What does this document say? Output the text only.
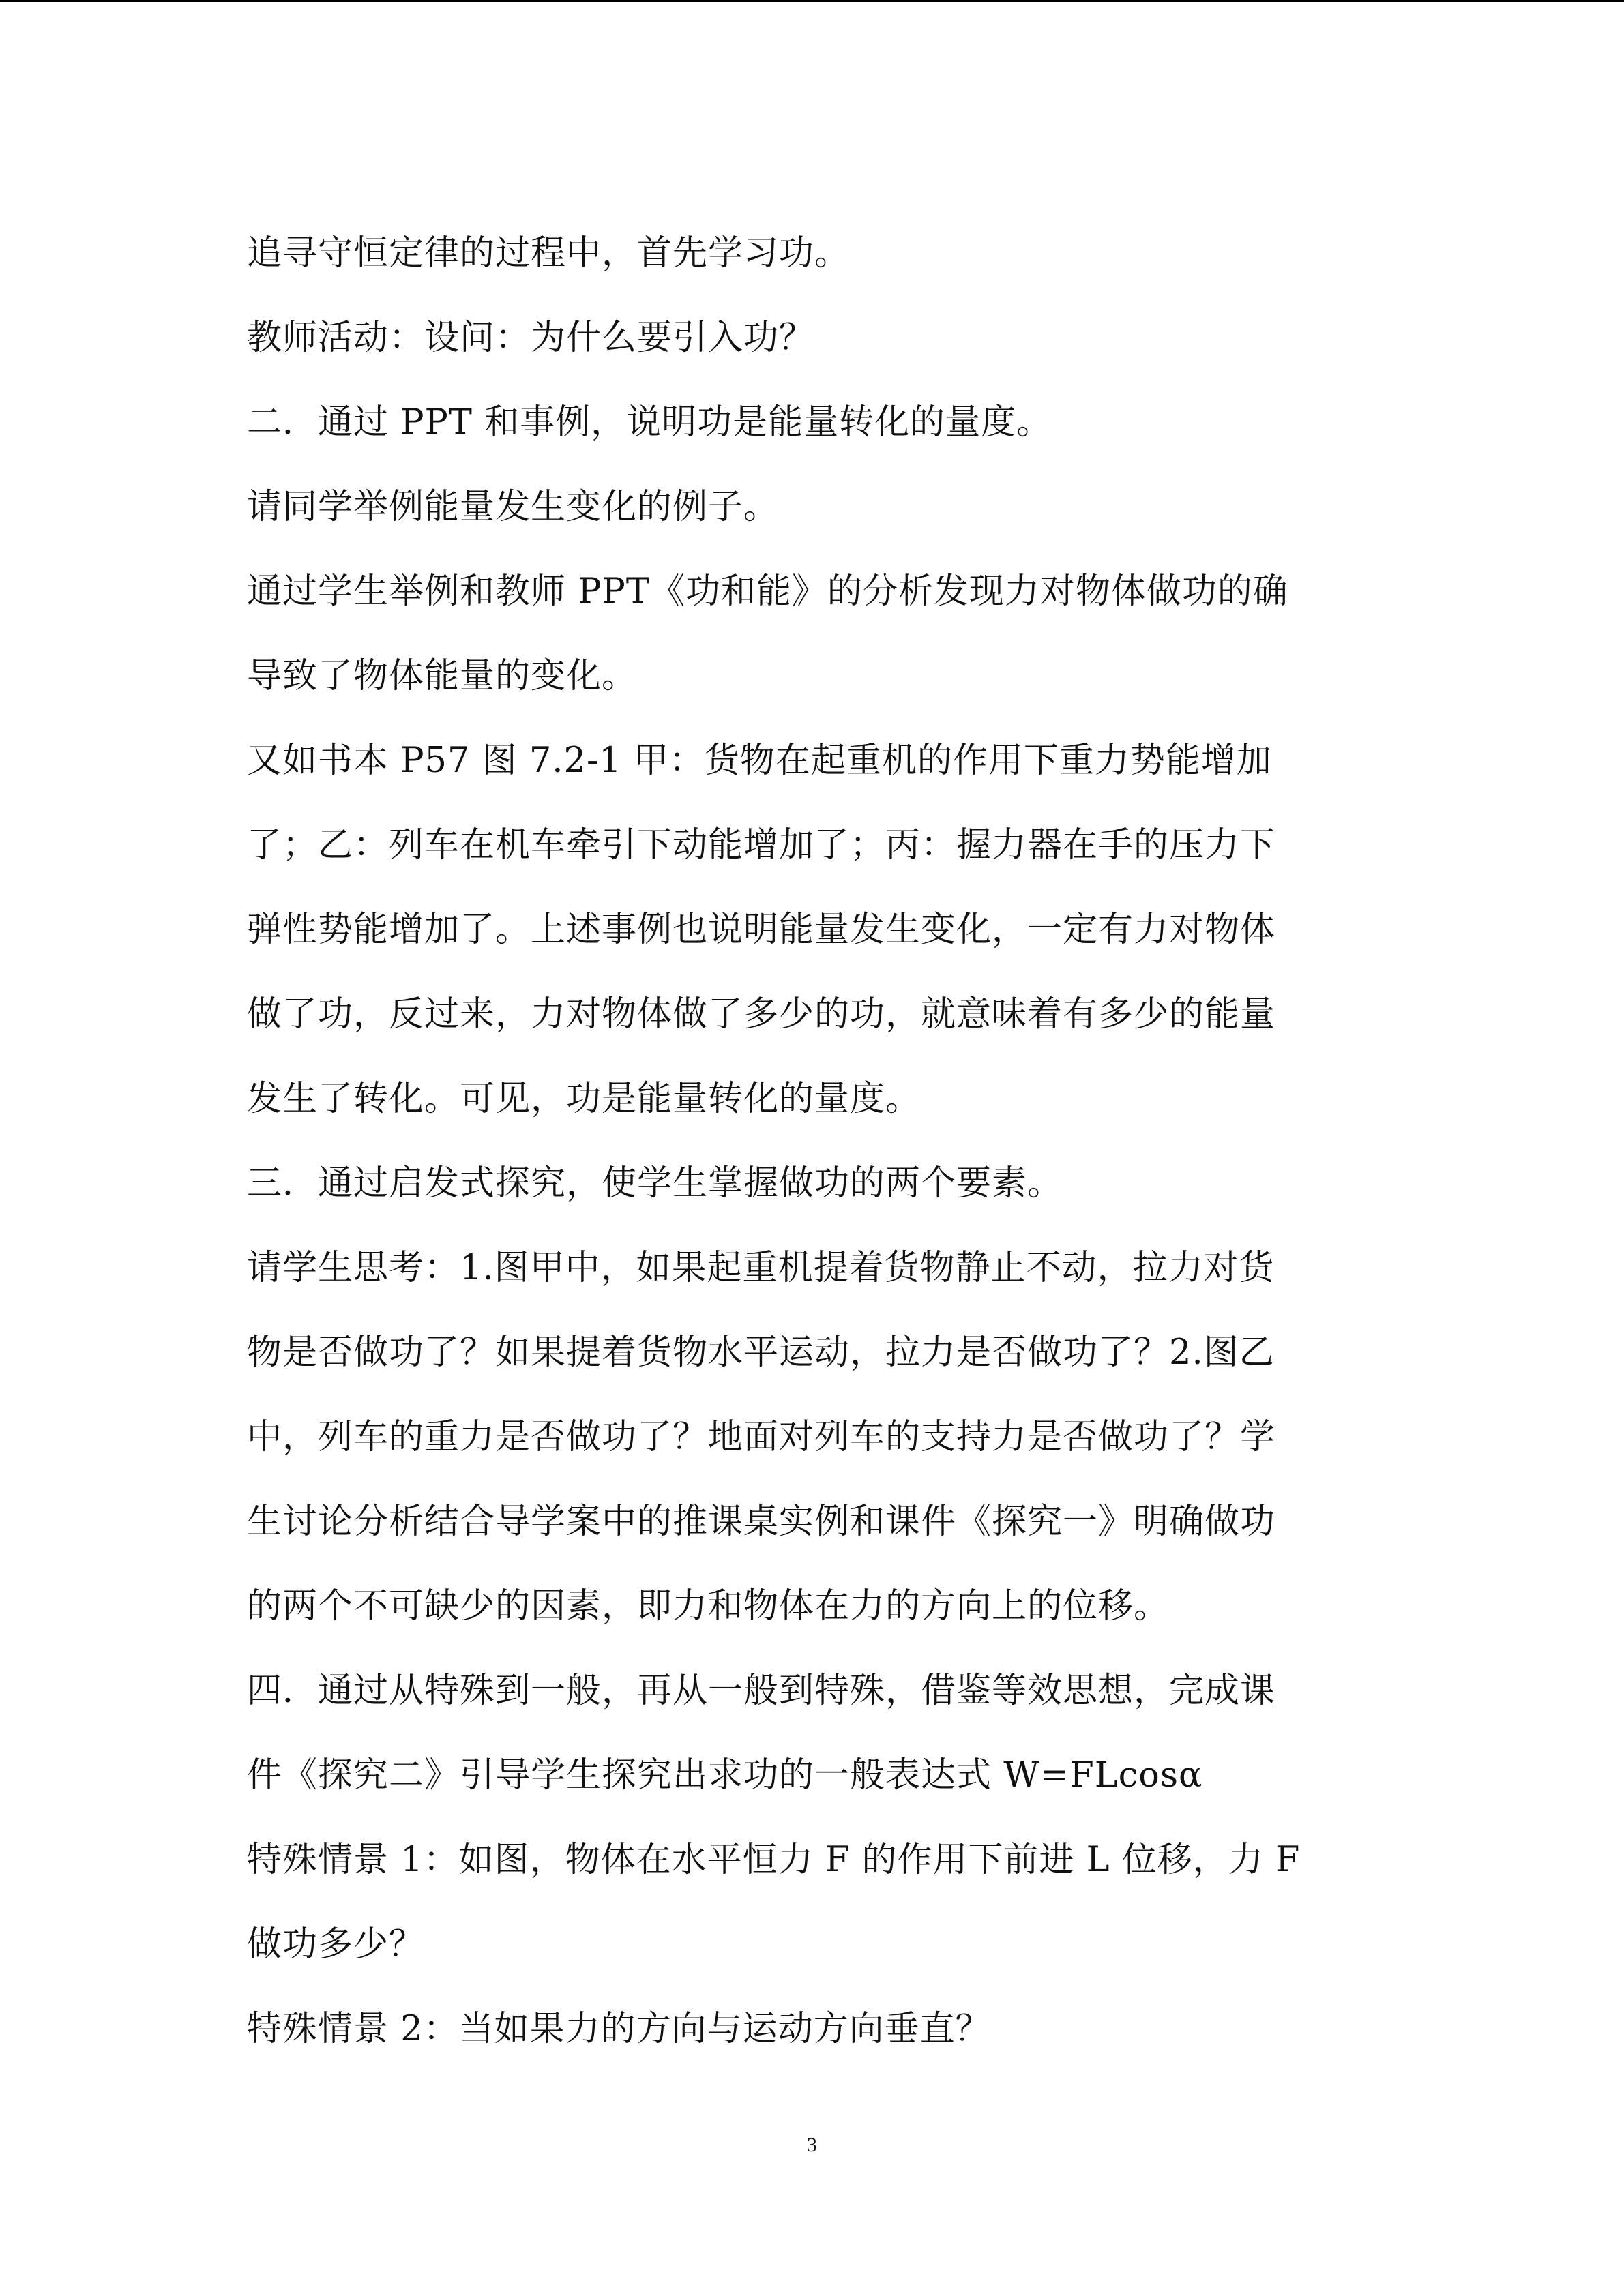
追寻守恒定律的过程中，首先学习功。
教师活动：设问：为什么要引入功？
二．通过 PPT 和事例，说明功是能量转化的量度。
请同学举例能量发生变化的例子。
通过学生举例和教师 PPT《功和能》的分析发现力对物体做功的确
导致了物体能量的变化。
又如书本 P57 图 7.2-1 甲：货物在起重机的作用下重力势能增加
了；乙：列车在机车牵引下动能增加了；丙：握力器在手的压力下
弹性势能增加了。上述事例也说明能量发生变化，一定有力对物体
做了功，反过来，力对物体做了多少的功，就意味着有多少的能量
发生了转化。可见，功是能量转化的量度。
三．通过启发式探究，使学生掌握做功的两个要素。
请学生思考：1.图甲中，如果起重机提着货物静止不动，拉力对货
物是否做功了？如果提着货物水平运动，拉力是否做功了？2.图乙
中，列车的重力是否做功了？地面对列车的支持力是否做功了？学
生讨论分析结合导学案中的推课桌实例和课件《探究一》明确做功
的两个不可缺少的因素，即力和物体在力的方向上的位移。
四．通过从特殊到一般，再从一般到特殊，借鉴等效思想，完成课
件《探究二》引导学生探究出求功的一般表达式 W=FLcosα
特殊情景 1：如图，物体在水平恒力 F 的作用下前进 L 位移，力 F
做功多少？
特殊情景 2：当如果力的方向与运动方向垂直？
3
